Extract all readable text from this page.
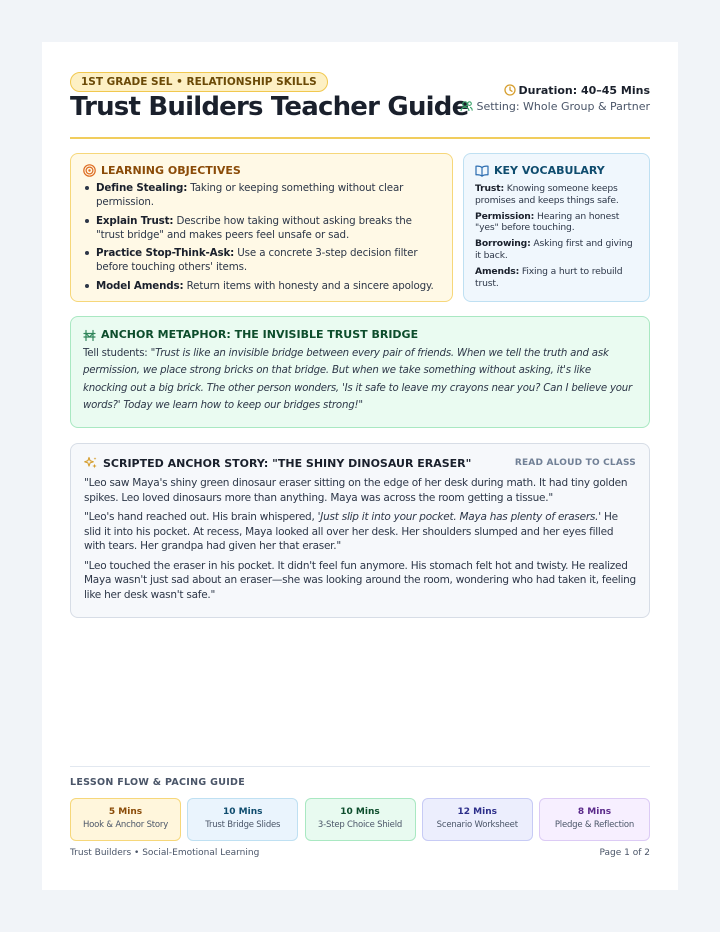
1ST GRADE SEL • RELATIONSHIP SKILLS
Trust Builders Teacher Guide
Duration: 40–45 Mins
Setting: Whole Group & Partner
LEARNING OBJECTIVES
Define Stealing: Taking or keeping something without clear permission.
Explain Trust: Describe how taking without asking breaks the "trust bridge" and makes peers feel unsafe or sad.
Practice Stop-Think-Ask: Use a concrete 3-step decision filter before touching others' items.
Model Amends: Return items with honesty and a sincere apology.
KEY VOCABULARY
Trust: Knowing someone keeps promises and keeps things safe.
Permission: Hearing an honest "yes" before touching.
Borrowing: Asking first and giving it back.
Amends: Fixing a hurt to rebuild trust.
ANCHOR METAPHOR: THE INVISIBLE TRUST BRIDGE

Tell students: "Trust is like an invisible bridge between every pair of friends. When we tell the truth and ask permission, we place strong bricks on that bridge. But when we take something without asking, it's like knocking out a big brick. The other person wonders, 'Is it safe to leave my crayons near you? Can I believe your words?' Today we learn how to keep our bridges strong!"

SCRIPTED ANCHOR STORY: "THE SHINY DINOSAUR ERASER"	READ ALOUD TO CLASS

"Leo saw Maya's shiny green dinosaur eraser sitting on the edge of her desk during math. It had tiny golden spikes. Leo loved dinosaurs more than anything. Maya was across the room getting a tissue."

"Leo's hand reached out. His brain whispered, 'Just slip it into your pocket. Maya has plenty of erasers.' He slid it into his pocket. At recess, Maya looked all over her desk. Her shoulders slumped and her eyes filled with tears. Her grandpa had given her that eraser."

"Leo touched the eraser in his pocket. It didn't feel fun anymore. His stomach felt hot and twisty. He realized Maya wasn't just sad about an eraser—she was looking around the room, wondering who had taken it, feeling like her desk wasn't safe."

LESSON FLOW & PACING GUIDE
5 Mins
Hook & Anchor Story
10 Mins
Trust Bridge Slides
10 Mins
3-Step Choice Shield
12 Mins
Scenario Worksheet
8 Mins
Pledge & Reflection
Trust Builders • Social-Emotional Learning	Page 1 of 2
